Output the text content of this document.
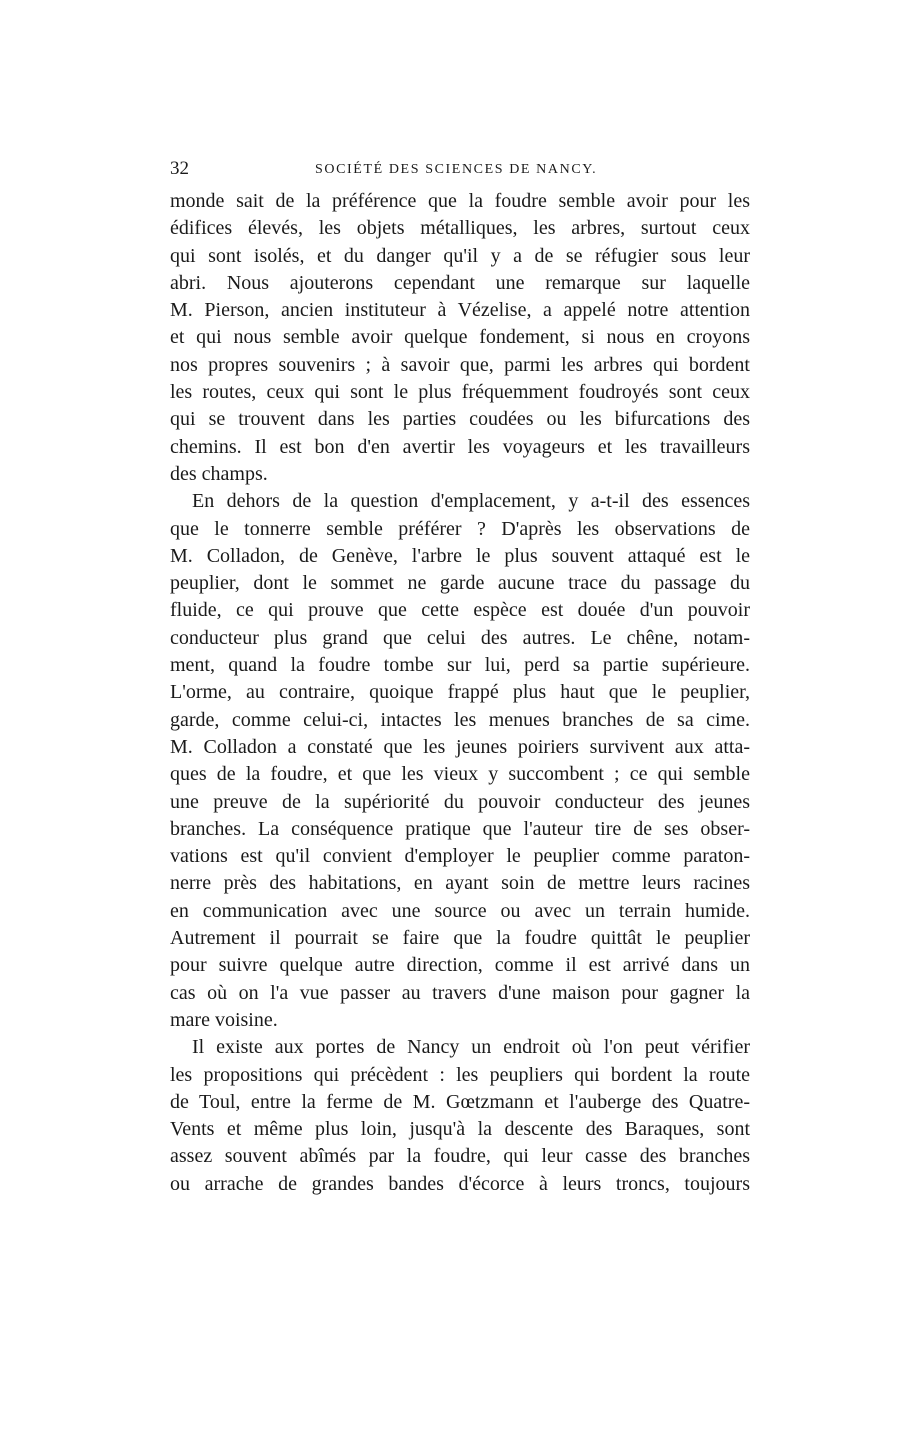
32	SOCIÉTÉ DES SCIENCES DE NANCY.
monde sait de la préférence que la foudre semble avoir pour les
édifices élevés, les objets métalliques, les arbres, surtout ceux
qui sont isolés, et du danger qu'il y a de se réfugier sous leur
abri. Nous ajouterons cependant une remarque sur laquelle
M. Pierson, ancien instituteur à Vézelise, a appelé notre attention
et qui nous semble avoir quelque fondement, si nous en croyons
nos propres souvenirs ; à savoir que, parmi les arbres qui bordent
les routes, ceux qui sont le plus fréquemment foudroyés sont ceux
qui se trouvent dans les parties coudées ou les bifurcations des
chemins. Il est bon d'en avertir les voyageurs et les travailleurs
des champs.
En dehors de la question d'emplacement, y a-t-il des essences
que le tonnerre semble préférer ? D'après les observations de
M. Colladon, de Genève, l'arbre le plus souvent attaqué est le
peuplier, dont le sommet ne garde aucune trace du passage du
fluide, ce qui prouve que cette espèce est douée d'un pouvoir
conducteur plus grand que celui des autres. Le chêne, notam-
ment, quand la foudre tombe sur lui, perd sa partie supérieure.
L'orme, au contraire, quoique frappé plus haut que le peuplier,
garde, comme celui-ci, intactes les menues branches de sa cime.
M. Colladon a constaté que les jeunes poiriers survivent aux atta-
ques de la foudre, et que les vieux y succombent ; ce qui semble
une preuve de la supériorité du pouvoir conducteur des jeunes
branches. La conséquence pratique que l'auteur tire de ses obser-
vations est qu'il convient d'employer le peuplier comme paraton-
nerre près des habitations, en ayant soin de mettre leurs racines
en communication avec une source ou avec un terrain humide.
Autrement il pourrait se faire que la foudre quittât le peuplier
pour suivre quelque autre direction, comme il est arrivé dans un
cas où on l'a vue passer au travers d'une maison pour gagner la
mare voisine.
Il existe aux portes de Nancy un endroit où l'on peut vérifier
les propositions qui précèdent : les peupliers qui bordent la route
de Toul, entre la ferme de M. Gœtzmann et l'auberge des Quatre-
Vents et même plus loin, jusqu'à la descente des Baraques, sont
assez souvent abîmés par la foudre, qui leur casse des branches
ou arrache de grandes bandes d'écorce à leurs troncs, toujours
